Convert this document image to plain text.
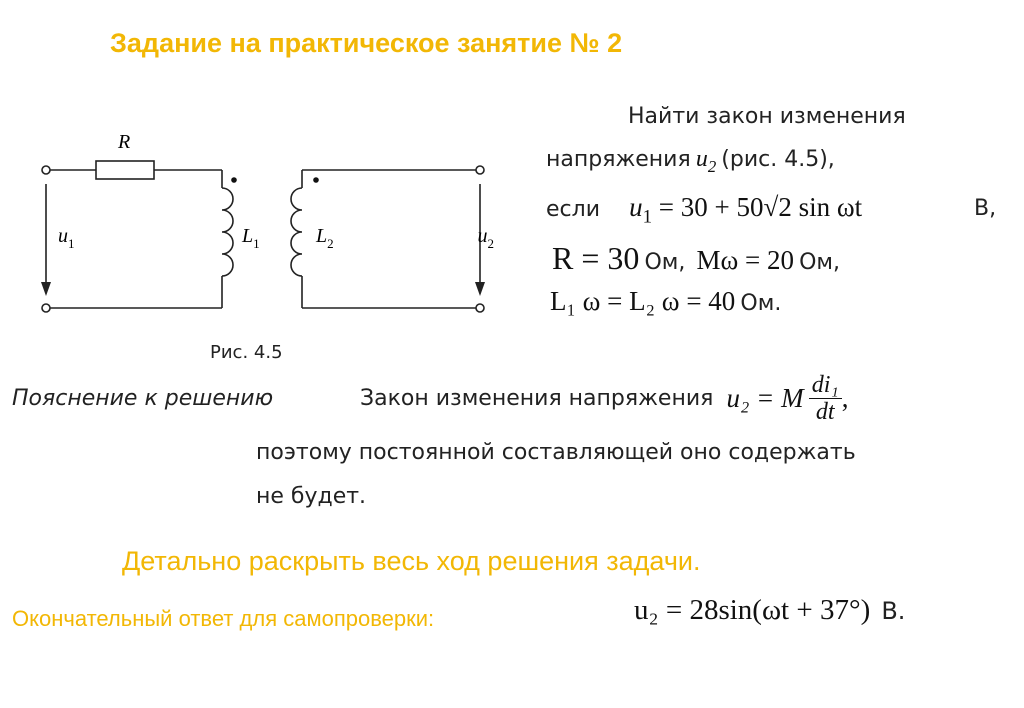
Задание на практическое занятие № 2
R
$u_1$	$L_1$	$L_2$	$u_2$
Рис. 4.5
Найти закон изменения
напряжения $u_2$ (рис. 4.5),
если $u_1 = 30 + 50√2$ sin ωt	В,
R = 30 Ом, Mω = 20 Ом,
L₁ ω = L₂ ω = 40 Ом.
Пояснение к решению	Закон изменения напряжения u₂ = M $\frac{\text{di₁}}{dt}$ ,
поэтому постоянной составляющей оно содержать
не будет.
Детально раскрыть весь ход решения задачи.
Окончательный ответ для самопроверки:	u₂ = 28sin(ωt + 37°) В.
